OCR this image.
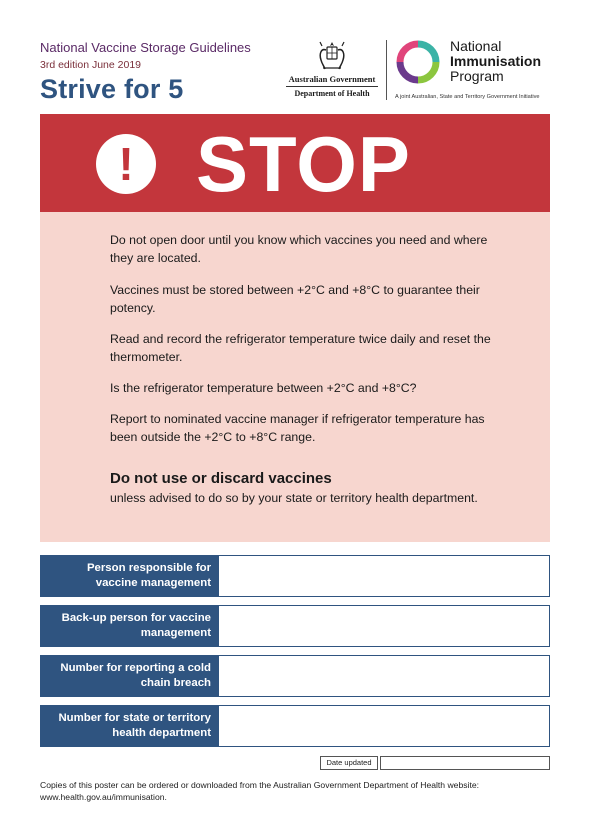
National Vaccine Storage Guidelines
3rd edition June 2019
Strive for 5	Australian Government
Department of Health
National
Immunisation
Program
A joint Australian, State and Territory Government Initiative
! STOP

Do not open door until you know which vaccines you need and where they are located.

Vaccines must be stored between +2°C and +8°C to guarantee their potency.

Read and record the refrigerator temperature twice daily and reset the thermometer.

Is the refrigerator temperature between +2°C and +8°C?

Report to nominated vaccine manager if refrigerator temperature has been outside the +2°C to +8°C range.

Do not use or discard vaccines

unless advised to do so by your state or territory health department.

Person responsible for vaccine management
Back-up person for vaccine management
Number for reporting a cold chain breach
Number for state or territory health department
Date updated

Copies of this poster can be ordered or downloaded from the Australian Government Department of Health website: www.health.gov.au/immunisation.
